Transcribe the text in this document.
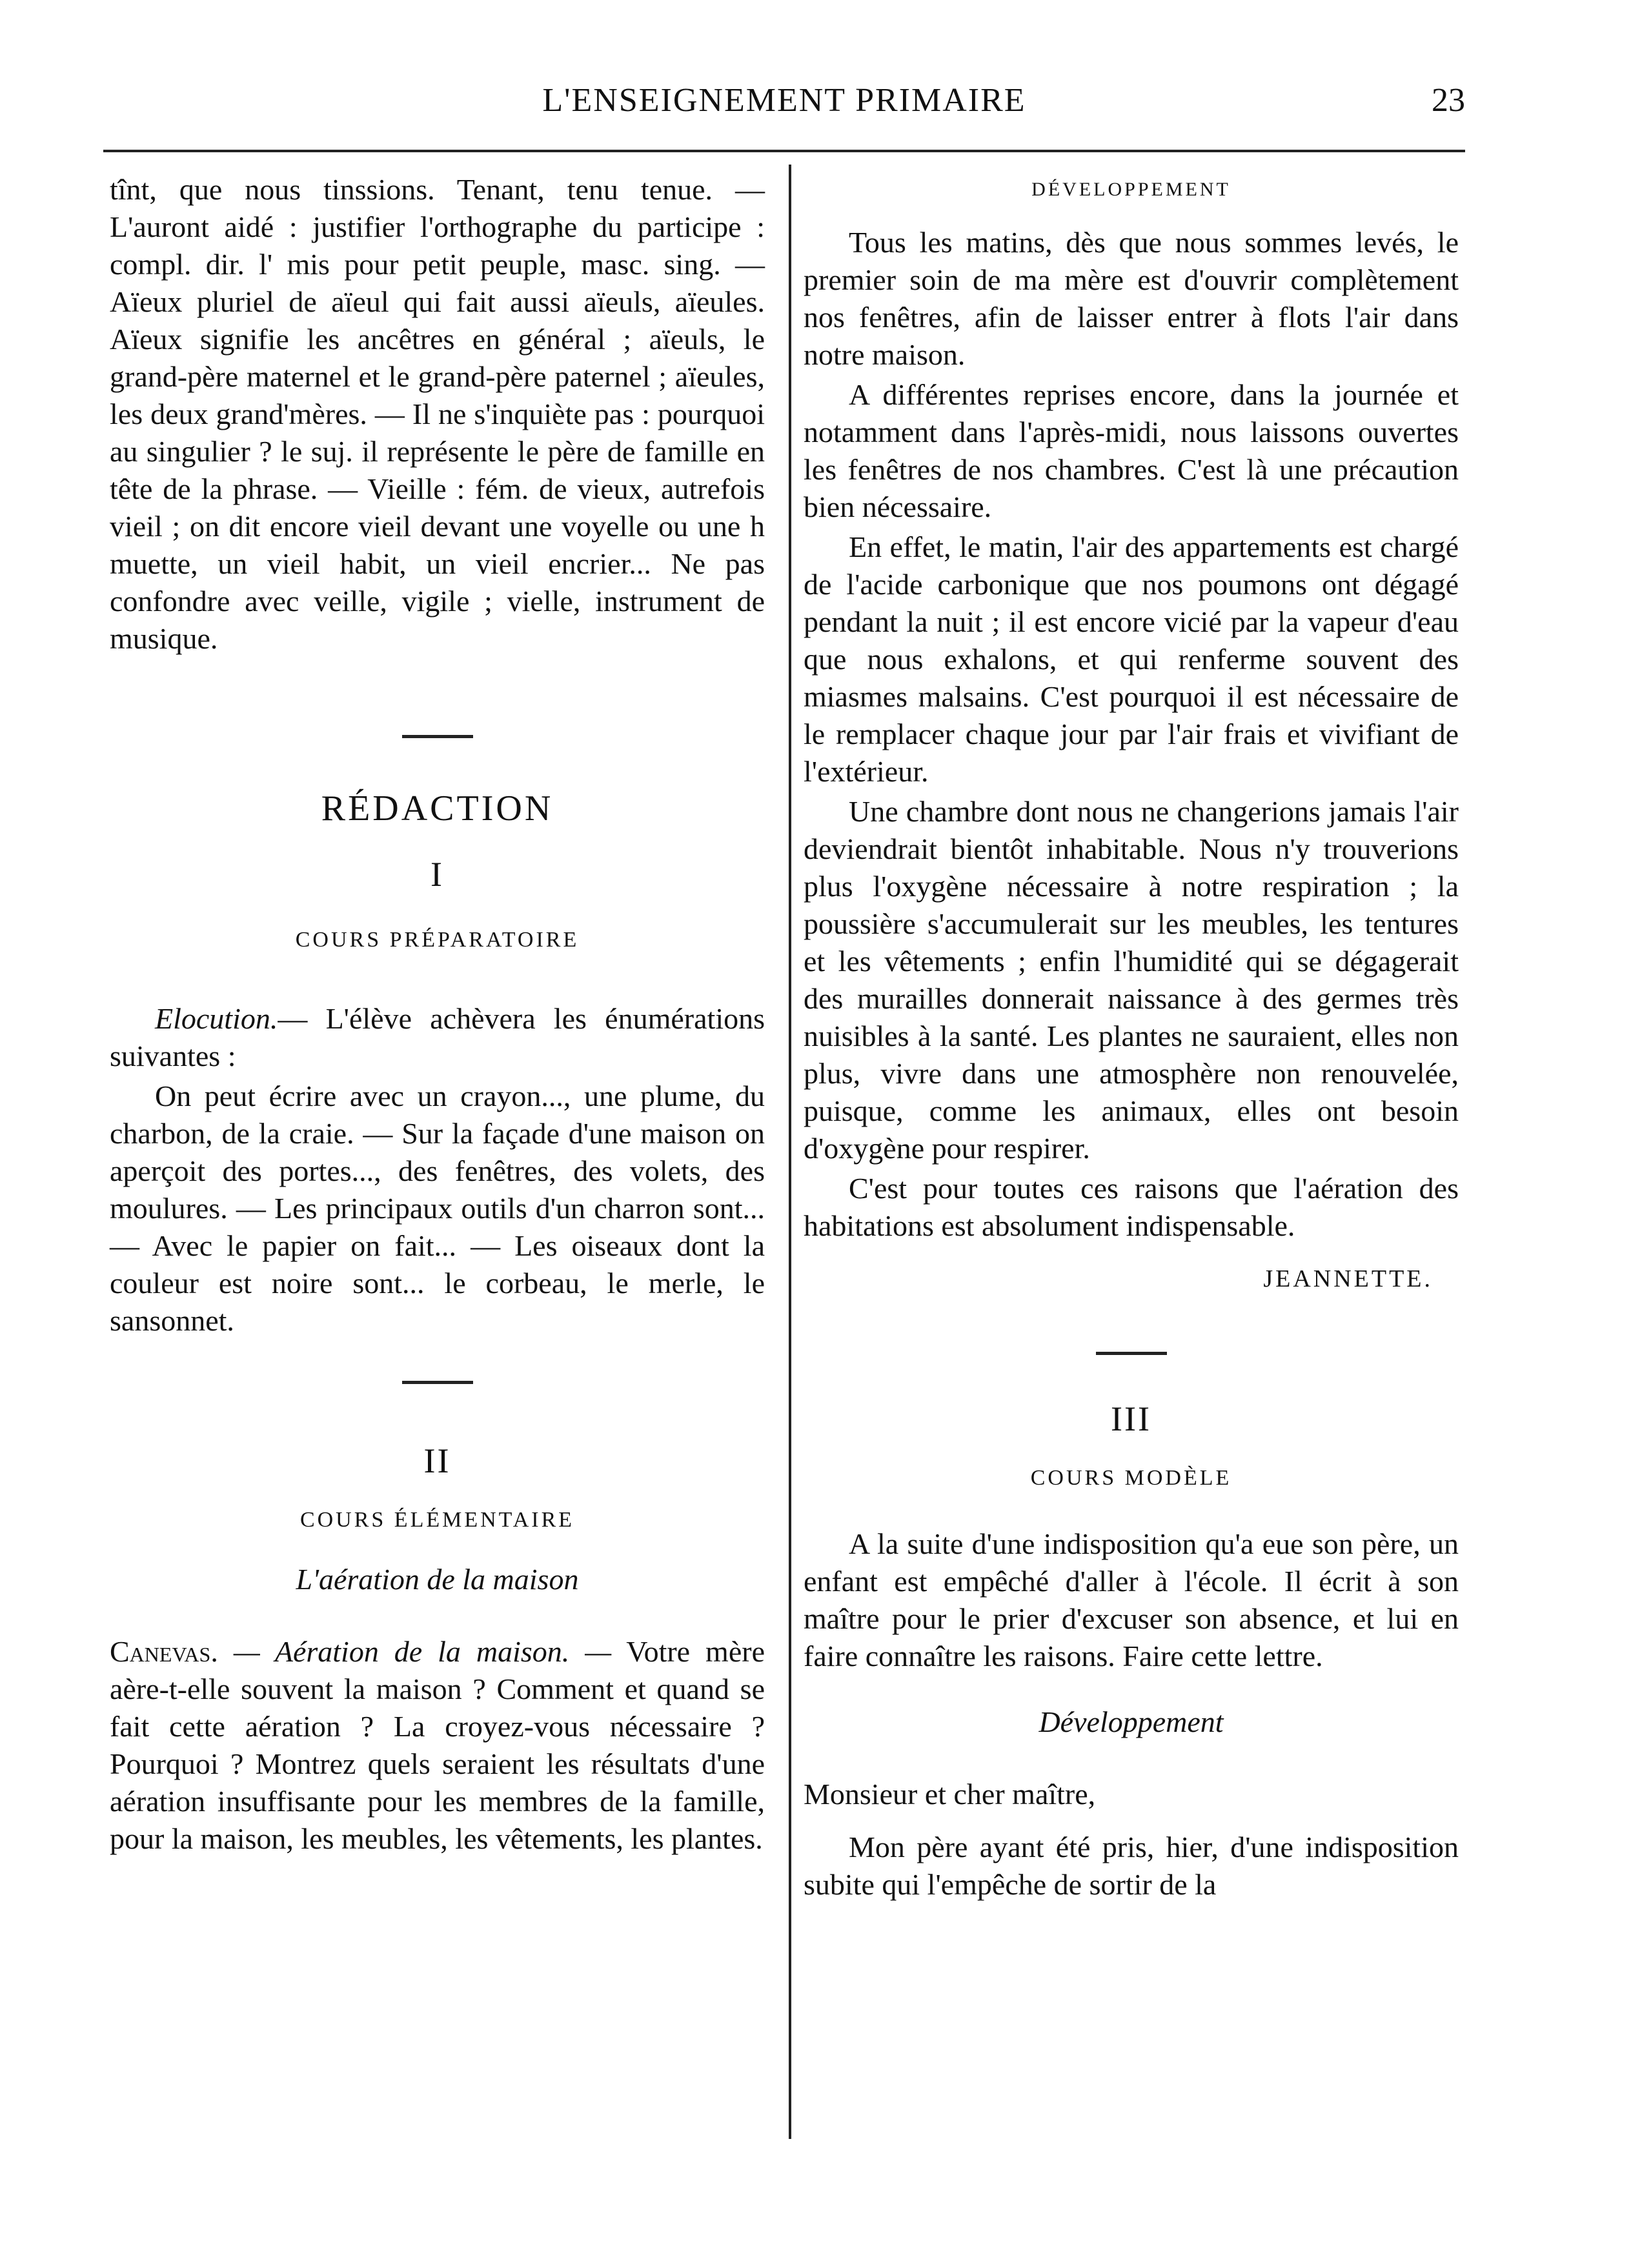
L'ENSEIGNEMENT PRIMAIRE	23

tînt, que nous tinssions. Tenant, tenu tenue. — L'auront aidé : justifier l'orthographe du participe : compl. dir. l' mis pour petit peuple, masc. sing. — Aïeux pluriel de aïeul qui fait aussi aïeuls, aïeules. Aïeux signifie les ancêtres en général ; aïeuls, le grand-père maternel et le grand-père paternel ; aïeules, les deux grand'mères. — Il ne s'inquiète pas : pourquoi au singulier ? le suj. il représente le père de famille en tête de la phrase. — Vieille : fém. de vieux, autrefois vieil ; on dit encore vieil devant une voyelle ou une h muette, un vieil habit, un vieil encrier... Ne pas confondre avec veille, vigile ; vielle, instrument de musique.

RÉDACTION

I

COURS PRÉPARATOIRE

Elocution.— L'élève achèvera les énumérations suivantes :

On peut écrire avec un crayon..., une plume, du charbon, de la craie. — Sur la façade d'une maison on aperçoit des portes..., des fenêtres, des volets, des moulures. — Les principaux outils d'un charron sont... — Avec le papier on fait... — Les oiseaux dont la couleur est noire sont... le corbeau, le merle, le sansonnet.

II

COURS ÉLÉMENTAIRE

L'aération de la maison

Canevas. — Aération de la maison. — Votre mère aère-t-elle souvent la maison ? Comment et quand se fait cette aération ? La croyez-vous nécessaire ? Pourquoi ? Montrez quels seraient les résultats d'une aération insuffisante pour les membres de la famille, pour la maison, les meubles, les vêtements, les plantes.

DÉVELOPPEMENT

Tous les matins, dès que nous sommes levés, le premier soin de ma mère est d'ouvrir complètement nos fenêtres, afin de laisser entrer à flots l'air dans notre maison.

A différentes reprises encore, dans la journée et notamment dans l'après-midi, nous laissons ouvertes les fenêtres de nos chambres. C'est là une précaution bien nécessaire.

En effet, le matin, l'air des appartements est chargé de l'acide carbonique que nos poumons ont dégagé pendant la nuit ; il est encore vicié par la vapeur d'eau que nous exhalons, et qui renferme souvent des miasmes malsains. C'est pourquoi il est nécessaire de le remplacer chaque jour par l'air frais et vivifiant de l'extérieur.

Une chambre dont nous ne changerions jamais l'air deviendrait bientôt inhabitable. Nous n'y trouverions plus l'oxygène nécessaire à notre respiration ; la poussière s'accumulerait sur les meubles, les tentures et les vêtements ; enfin l'humidité qui se dégagerait des murailles donnerait naissance à des germes très nuisibles à la santé. Les plantes ne sauraient, elles non plus, vivre dans une atmosphère non renouvelée, puisque, comme les animaux, elles ont besoin d'oxygène pour respirer.

C'est pour toutes ces raisons que l'aération des habitations est absolument indispensable.

JEANNETTE.

III

COURS MODÈLE

A la suite d'une indisposition qu'a eue son père, un enfant est empêché d'aller à l'école. Il écrit à son maître pour le prier d'excuser son absence, et lui en faire connaître les raisons. Faire cette lettre.

Développement

Monsieur et cher maître,

Mon père ayant été pris, hier, d'une indisposition subite qui l'empêche de sortir de la
